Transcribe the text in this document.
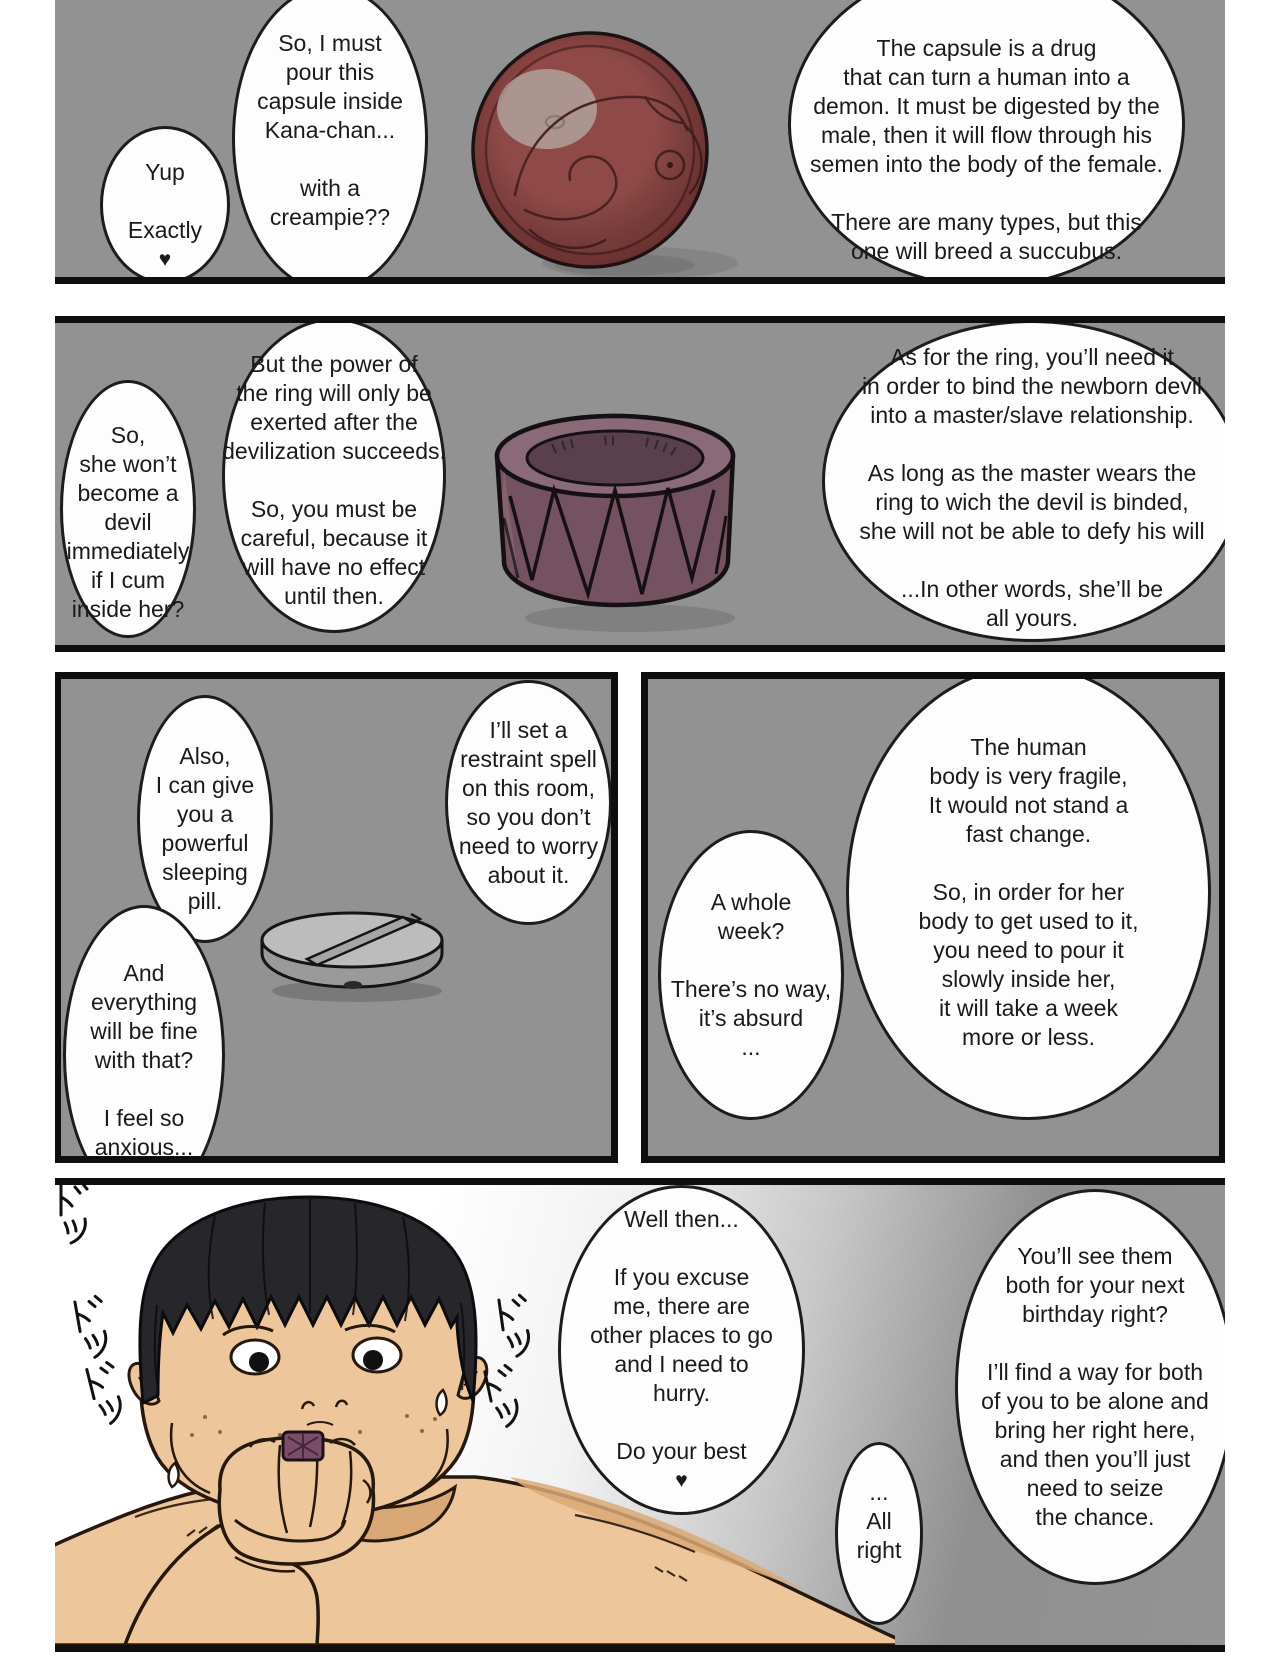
Yup

Exactly
♥
So, I must
pour this
capsule inside
Kana-chan...

with a
creampie??
The capsule is a drug
that can turn a human into a
demon. It must be digested by the
male, then it will flow through his
semen into the body of the female.

There are many types, but this
one will breed a succubus.
So,
she won’t
become a
devil
immediately
if I cum
inside her?
But the power of
the ring will only be
exerted after the
devilization succeeds.

So, you must be
careful, because it
will have no effect
until then.
As for the ring, you’ll need it
in order to bind the newborn devil
into a master/slave relationship.

As long as the master wears the
ring to wich the devil is binded,
she will not be able to defy his will

...In other words, she’ll be
all yours.
Also,
I can give
you a
powerful
sleeping
pill.
I’ll set a
restraint spell
on this room,
so you don’t
need to worry
about it.
And
everything
will be fine
with that?

I feel so
anxious...
A whole
week?

There’s no way,
it’s absurd
...
The human
body is very fragile,
It would not stand a
fast change.

So, in order for her
body to get used to it,
you need to pour it
slowly inside her,
it will take a week
more or less.
Well then...

If you excuse
me, there are
other places to go
and I need to
hurry.

Do your best
♥	...
All
right
You’ll see them
both for your next
birthday right?

I’ll find a way for both
of you to be alone and
bring her right here,
and then you’ll just
need to seize
the chance.
